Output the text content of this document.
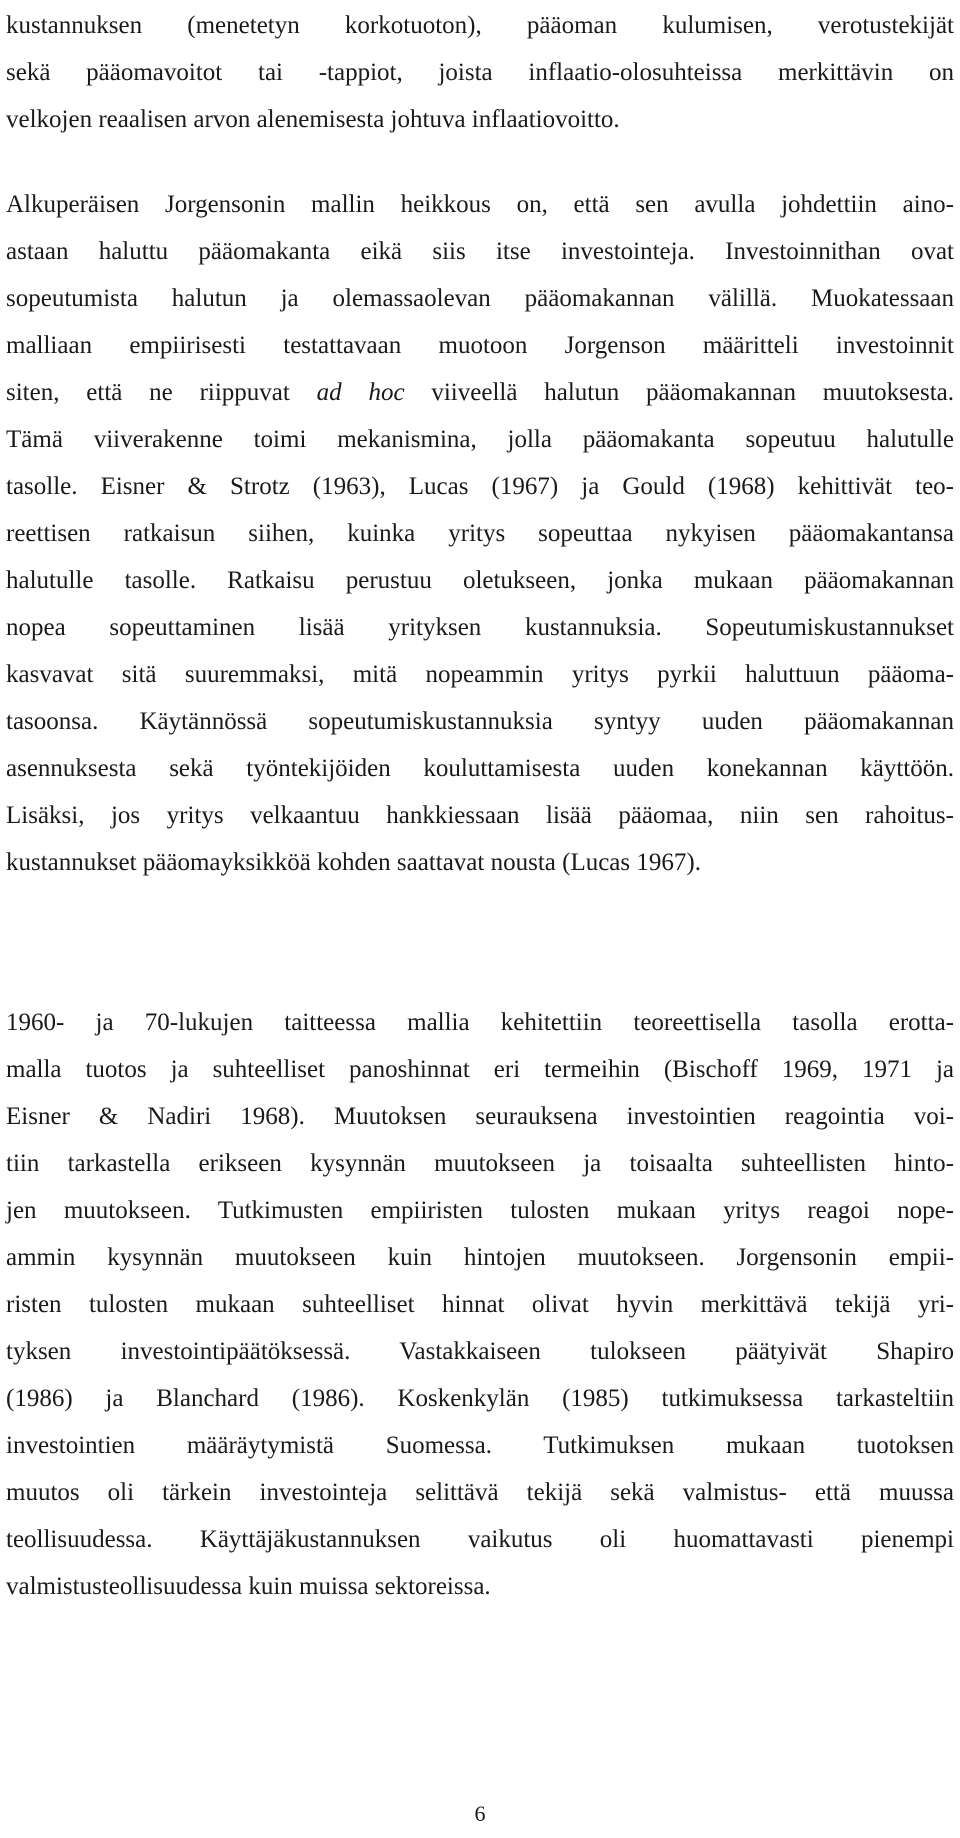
kustannuksen (menetetyn korkotuoton), pääoman kulumisen, verotustekijät
sekä pääomavoitot tai -tappiot, joista inflaatio-olosuhteissa merkittävin on
velkojen reaalisen arvon alenemisesta johtuva inflaatiovoitto.
Alkuperäisen Jorgensonin mallin heikkous on, että sen avulla johdettiin aino-
astaan haluttu pääomakanta eikä siis itse investointeja. Investoinnithan ovat
sopeutumista halutun ja olemassaolevan pääomakannan välillä. Muokatessaan
malliaan empiirisesti testattavaan muotoon Jorgenson määritteli investoinnit
siten, että ne riippuvat ad hoc viiveellä halutun pääomakannan muutoksesta.
Tämä viiverakenne toimi mekanismina, jolla pääomakanta sopeutuu halutulle
tasolle. Eisner & Strotz (1963), Lucas (1967) ja Gould (1968) kehittivät teo-
reettisen ratkaisun siihen, kuinka yritys sopeuttaa nykyisen pääomakantansa
halutulle tasolle. Ratkaisu perustuu oletukseen, jonka mukaan pääomakannan
nopea sopeuttaminen lisää yrityksen kustannuksia. Sopeutumiskustannukset
kasvavat sitä suuremmaksi, mitä nopeammin yritys pyrkii haluttuun pääoma-
tasoonsa. Käytännössä sopeutumiskustannuksia syntyy uuden pääomakannan
asennuksesta sekä työntekijöiden kouluttamisesta uuden konekannan käyttöön.
Lisäksi, jos yritys velkaantuu hankkiessaan lisää pääomaa, niin sen rahoitus-
kustannukset pääomayksikköä kohden saattavat nousta (Lucas 1967).
1960- ja 70-lukujen taitteessa mallia kehitettiin teoreettisella tasolla erotta-
malla tuotos ja suhteelliset panoshinnat eri termeihin (Bischoff 1969, 1971 ja
Eisner & Nadiri 1968). Muutoksen seurauksena investointien reagointia voi-
tiin tarkastella erikseen kysynnän muutokseen ja toisaalta suhteellisten hinto-
jen muutokseen. Tutkimusten empiiristen tulosten mukaan yritys reagoi nope-
ammin kysynnän muutokseen kuin hintojen muutokseen. Jorgensonin empii-
risten tulosten mukaan suhteelliset hinnat olivat hyvin merkittävä tekijä yri-
tyksen investointipäätöksessä. Vastakkaiseen tulokseen päätyivät Shapiro
(1986) ja Blanchard (1986). Koskenkylän (1985) tutkimuksessa tarkasteltiin
investointien määräytymistä Suomessa. Tutkimuksen mukaan tuotoksen
muutos oli tärkein investointeja selittävä tekijä sekä valmistus- että muussa
teollisuudessa. Käyttäjäkustannuksen vaikutus oli huomattavasti pienempi
valmistusteollisuudessa kuin muissa sektoreissa.
6
